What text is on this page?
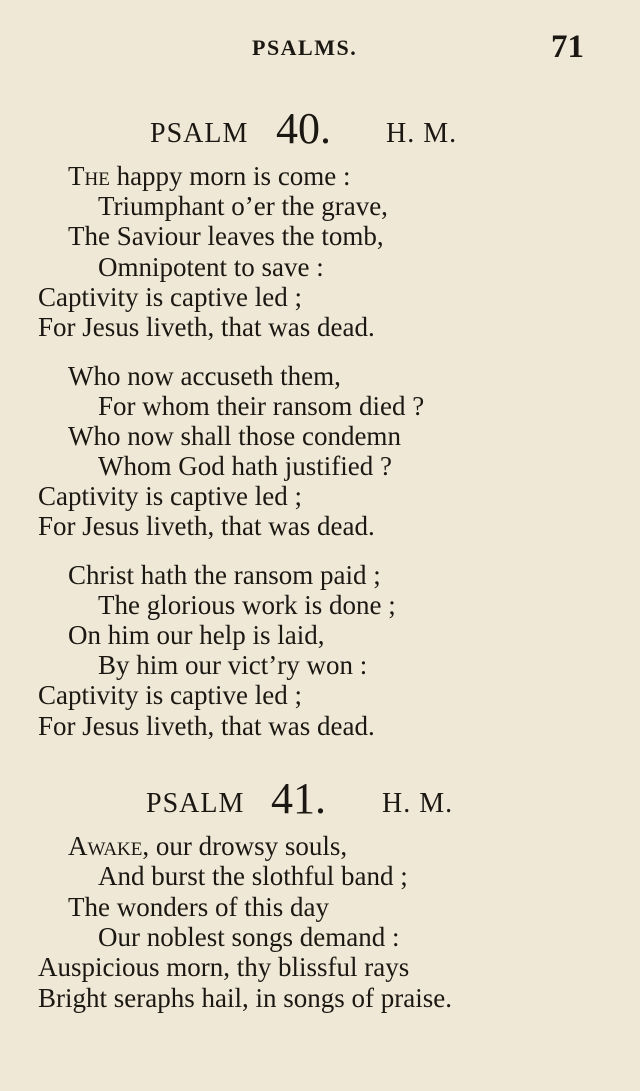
PSALMS.	71
PSALM 40. H. M.
The happy morn is come :
Triumphant o’er the grave,
The Saviour leaves the tomb,
Omnipotent to save :
Captivity is captive led ;
For Jesus liveth, that was dead.
Who now accuseth them,
For whom their ransom died ?
Who now shall those condemn
Whom God hath justified ?
Captivity is captive led ;
For Jesus liveth, that was dead.
Christ hath the ransom paid ;
The glorious work is done ;
On him our help is laid,
By him our vict’ry won :
Captivity is captive led ;
For Jesus liveth, that was dead.
PSALM 41. H. M.
Awake, our drowsy souls,
And burst the slothful band ;
The wonders of this day
Our noblest songs demand :
Auspicious morn, thy blissful rays
Bright seraphs hail, in songs of praise.
